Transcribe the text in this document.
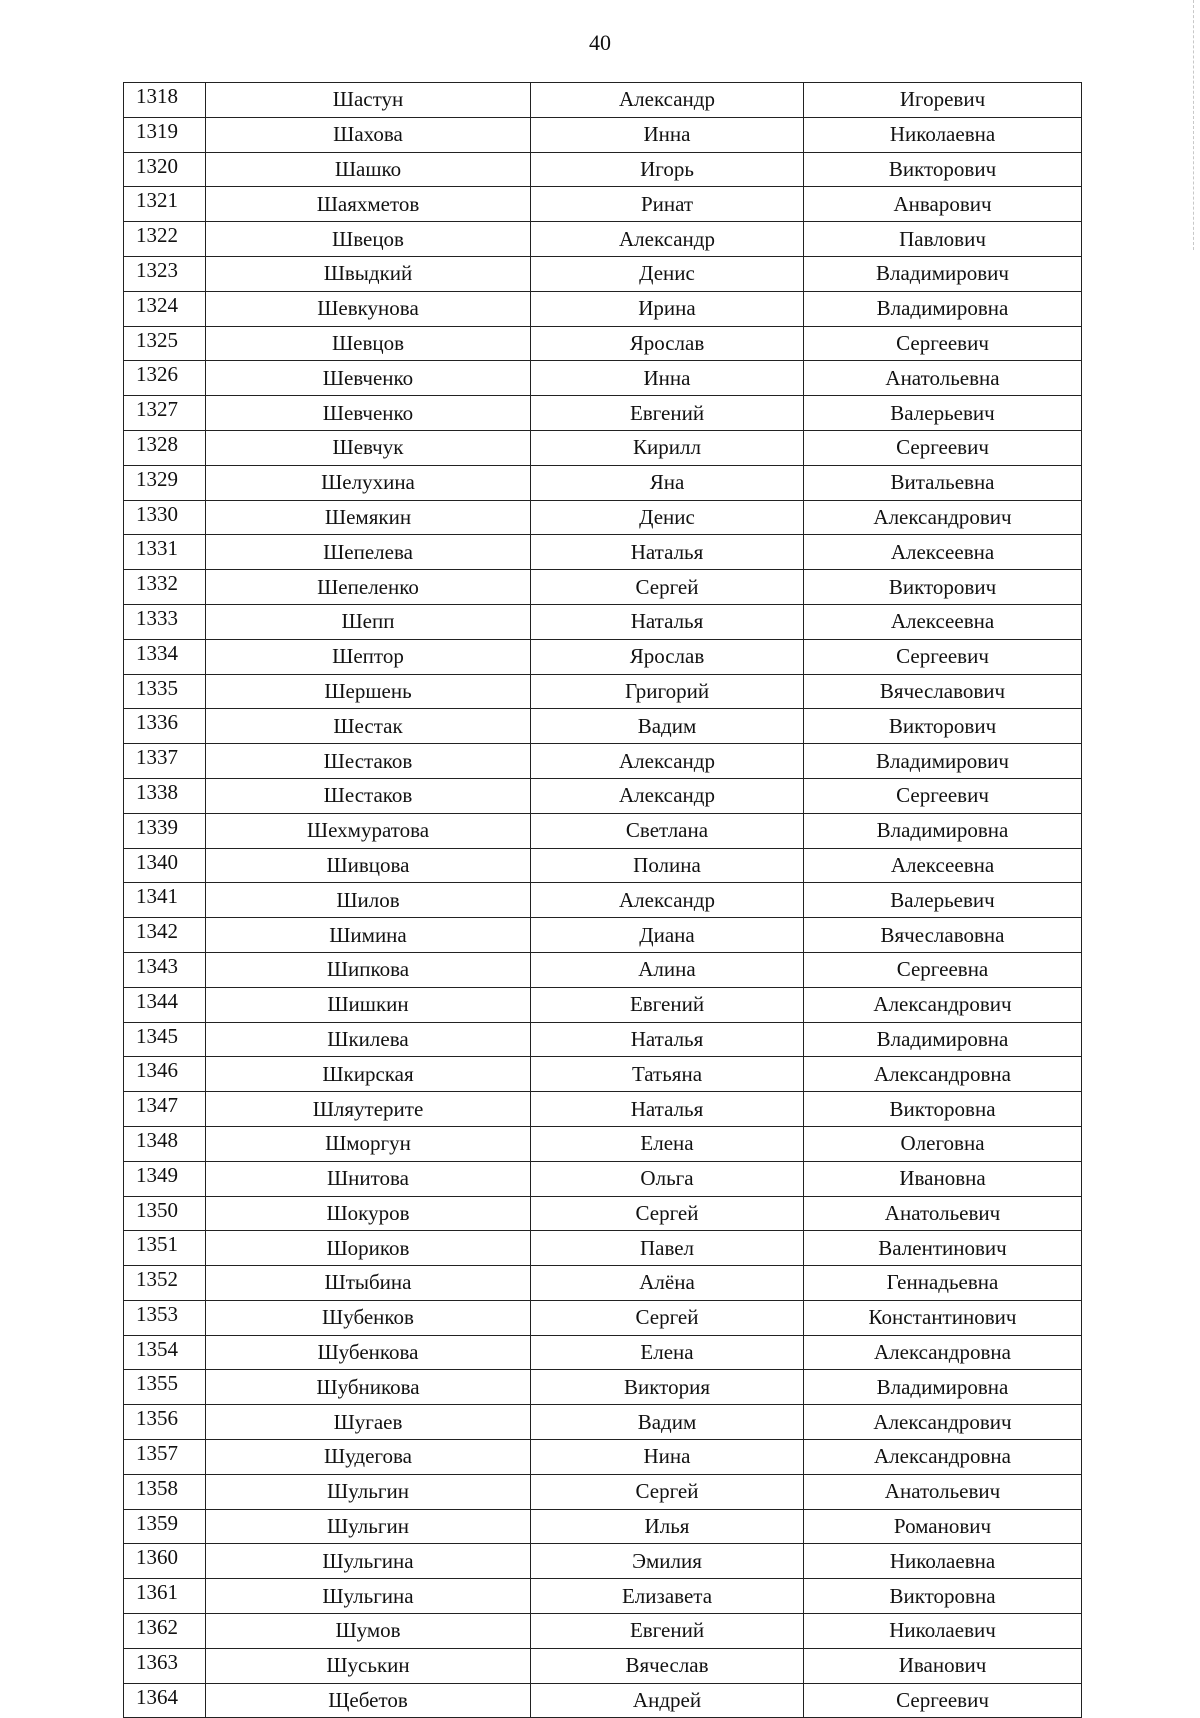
40
1318	Шастун	Александр	Игоревич
1319	Шахова	Инна	Николаевна
1320	Шашко	Игорь	Викторович
1321	Шаяхметов	Ринат	Анварович
1322	Швецов	Александр	Павлович
1323	Швыдкий	Денис	Владимирович
1324	Шевкунова	Ирина	Владимировна
1325	Шевцов	Ярослав	Сергеевич
1326	Шевченко	Инна	Анатольевна
1327	Шевченко	Евгений	Валерьевич
1328	Шевчук	Кирилл	Сергеевич
1329	Шелухина	Яна	Витальевна
1330	Шемякин	Денис	Александрович
1331	Шепелева	Наталья	Алексеевна
1332	Шепеленко	Сергей	Викторович
1333	Шепп	Наталья	Алексеевна
1334	Шептор	Ярослав	Сергеевич
1335	Шершень	Григорий	Вячеславович
1336	Шестак	Вадим	Викторович
1337	Шестаков	Александр	Владимирович
1338	Шестаков	Александр	Сергеевич
1339	Шехмуратова	Светлана	Владимировна
1340	Шивцова	Полина	Алексеевна
1341	Шилов	Александр	Валерьевич
1342	Шимина	Диана	Вячеславовна
1343	Шипкова	Алина	Сергеевна
1344	Шишкин	Евгений	Александрович
1345	Шкилева	Наталья	Владимировна
1346	Шкирская	Татьяна	Александровна
1347	Шляутерите	Наталья	Викторовна
1348	Шморгун	Елена	Олеговна
1349	Шнитова	Ольга	Ивановна
1350	Шокуров	Сергей	Анатольевич
1351	Шориков	Павел	Валентинович
1352	Штыбина	Алёна	Геннадьевна
1353	Шубенков	Сергей	Константинович
1354	Шубенкова	Елена	Александровна
1355	Шубникова	Виктория	Владимировна
1356	Шугаев	Вадим	Александрович
1357	Шудегова	Нина	Александровна
1358	Шульгин	Сергей	Анатольевич
1359	Шульгин	Илья	Романович
1360	Шульгина	Эмилия	Николаевна
1361	Шульгина	Елизавета	Викторовна
1362	Шумов	Евгений	Николаевич
1363	Шуськин	Вячеслав	Иванович
1364	Щебетов	Андрей	Сергеевич
